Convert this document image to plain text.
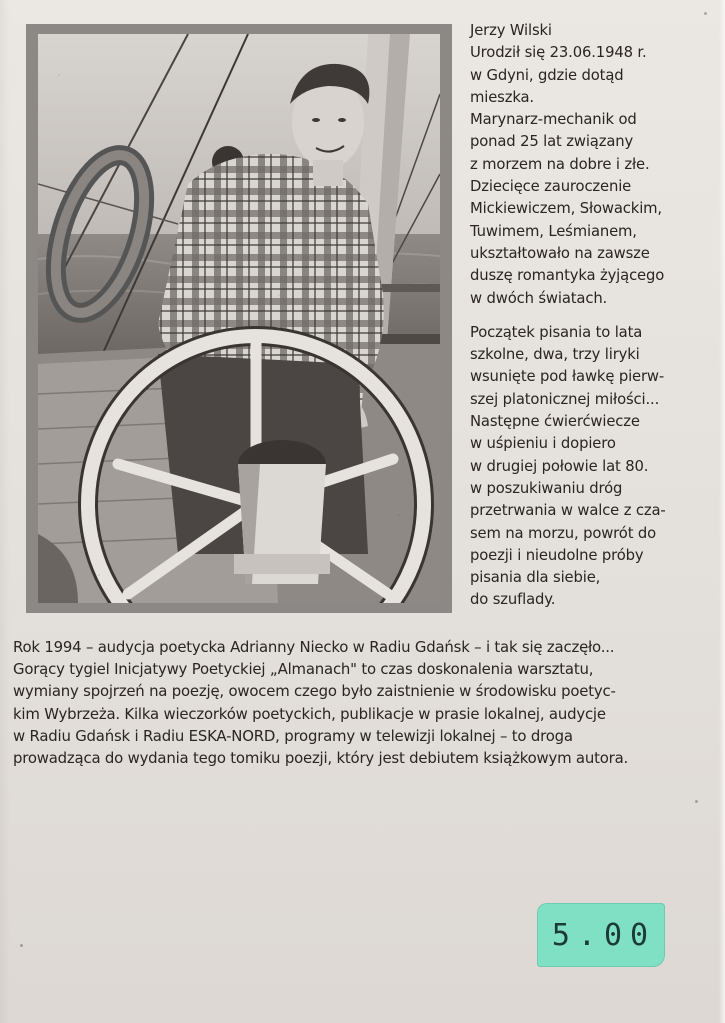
Jerzy Wilski
Urodził się 23.06.1948 r.
w Gdyni, gdzie dotąd
mieszka.
Marynarz-mechanik od
ponad 25 lat związany
z morzem na dobre i złe.
Dziecięce zauroczenie
Mickiewiczem, Słowackim,
Tuwimem, Leśmianem,
ukształtowało na zawsze
duszę romantyka żyjącego
w dwóch światach.
Początek pisania to lata
szkolne, dwa, trzy liryki
wsunięte pod ławkę pierw-
szej platonicznej miłości...
Następne ćwierćwiecze
w uśpieniu i dopiero
w drugiej połowie lat 80.
w poszukiwaniu dróg
przetrwania w walce z cza-
sem na morzu, powrót do
poezji i nieudolne próby
pisania dla siebie,
do szuflady.
Rok 1994 – audycja poetycka Adrianny Niecko w Radiu Gdańsk – i tak się zaczęło...
Gorący tygiel Inicjatywy Poetyckiej „Almanach" to czas doskonalenia warsztatu,
wymiany spojrzeń na poezję, owocem czego było zaistnienie w środowisku poetyc-
kim Wybrzeża. Kilka wieczorków poetyckich, publikacje w prasie lokalnej, audycje
w Radiu Gdańsk i Radiu ESKA-NORD, programy w telewizji lokalnej – to droga
prowadząca do wydania tego tomiku poezji, który jest debiutem książkowym autora.
5.00
